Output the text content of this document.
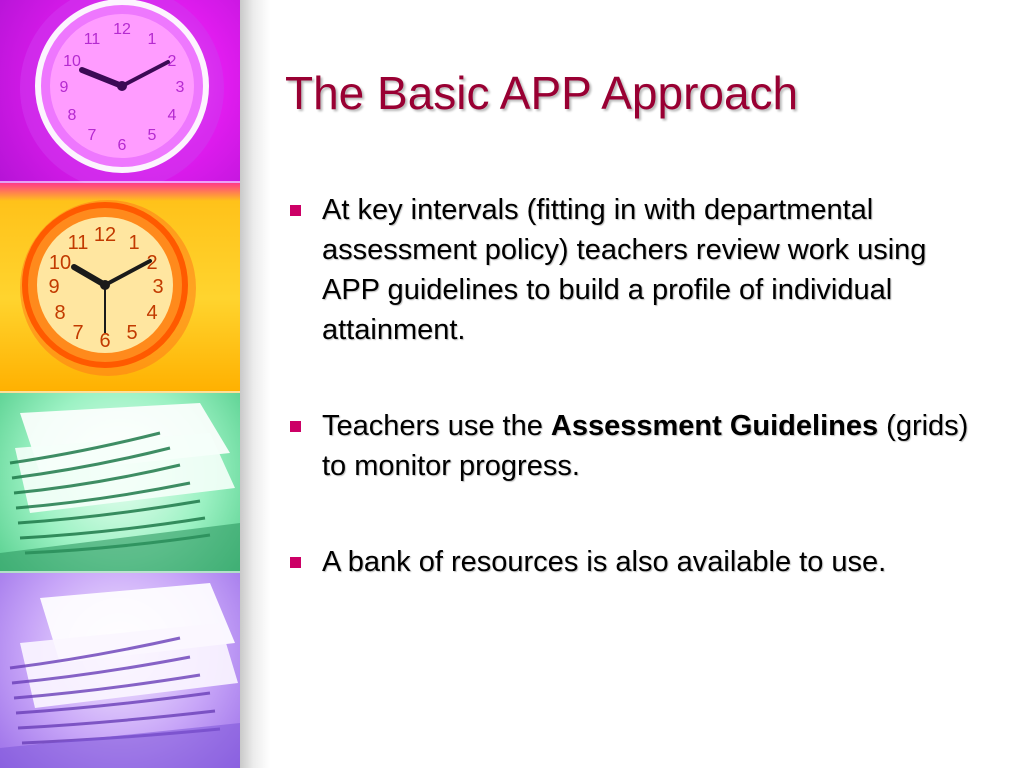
12
1
2
3
4
5
6
7
8
9
10
11
12 1
2
3
4
5
6
7
8
9
10
11
The Basic APP Approach
At key intervals (fitting in with departmental assessment policy) teachers review work using APP guidelines to build a profile of individual attainment.
Teachers use the Assessment Guidelines (grids) to monitor progress.
A bank of resources is also available to use.
